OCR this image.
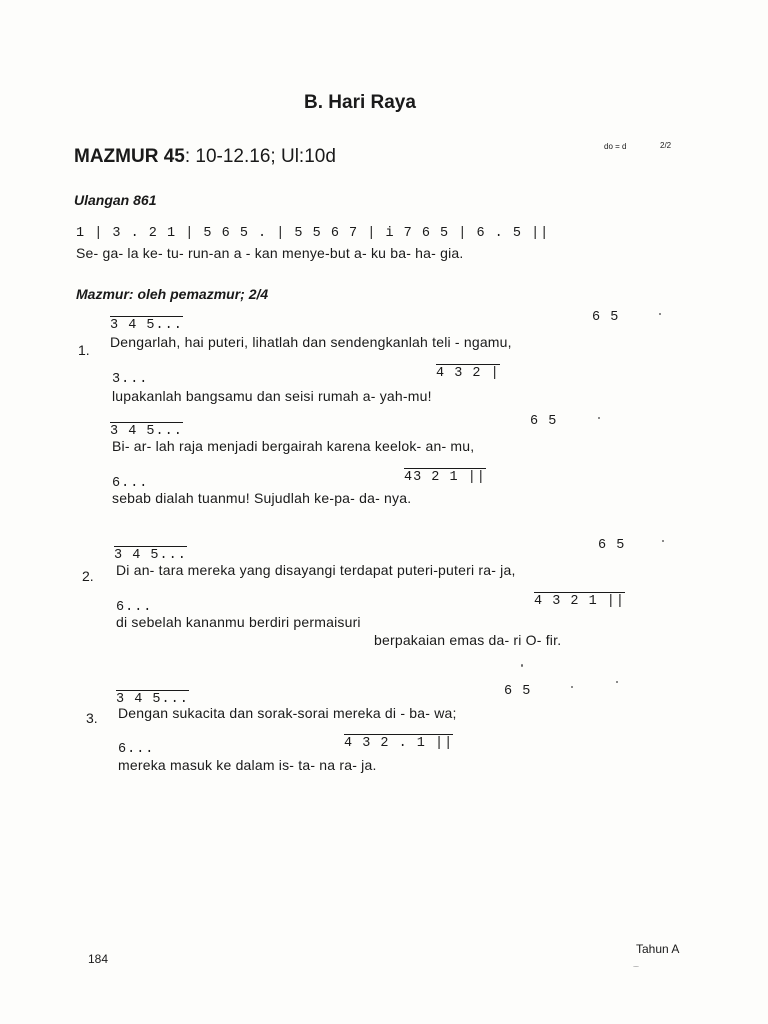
B. Hari Raya
MAZMUR 45: 10-12.16; Ul:10d	do = d	2/2
Ulangan 861
1 | 3 . 2 1 | 5 6 5 . | 5 5 6 7 | i 7 6 5 | 6 . 5 ||
Se- ga- la ke- tu- run-an a - kan menye-but a- ku ba- ha- gia.
Mazmur: oleh pemazmur; 2/4
3 4 5...
6 5
1. Dengarlah, hai puteri, lihatlah dan sendengkanlah teli - ngamu,
3...	4 3 2 |
lupakanlah bangsamu dan seisi rumah a- yah-mu!
3 4 5...
6 5
Bi- ar- lah raja menjadi bergairah karena keelok- an- mu,
6...	43 2 1 ||
sebab dialah tuanmu! Sujudlah ke-pa- da- nya.
3 4 5...
6 5
2. Di an- tara mereka yang disayangi terdapat puteri-puteri ra- ja,
6...	4 3 2 1 ||
di sebelah kananmu berdiri permaisuri
berpakaian emas da- ri O- fir.
3 4 5...
6 5
3. Dengan sukacita dan sorak-sorai mereka di - ba- wa;
6...	4 3 2 . 1 ||
mereka masuk ke dalam is- ta- na ra- ja.
184
Tahun A
